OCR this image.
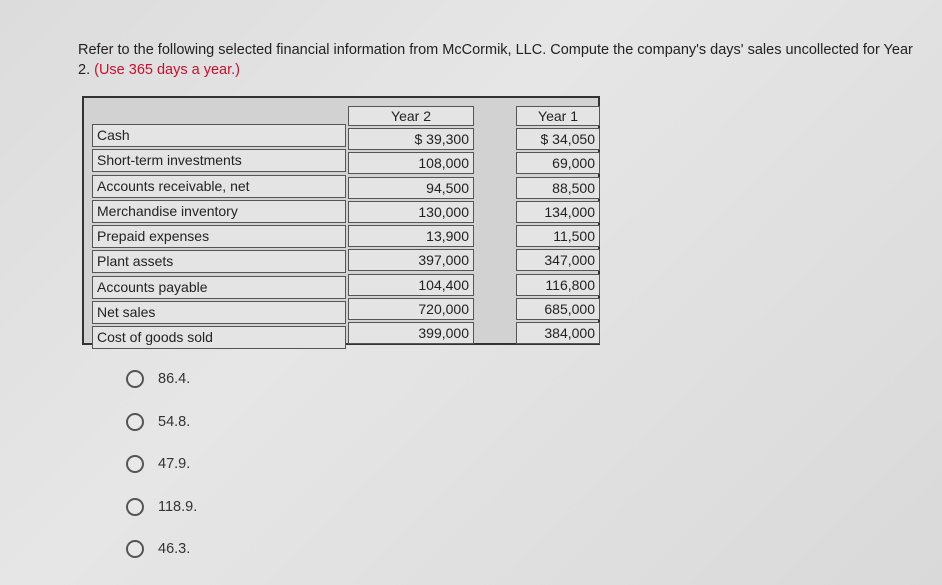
Refer to the following selected financial information from McCormik, LLC. Compute the company's days' sales uncollected for Year 2. (Use 365 days a year.)
Cash
Short-term investments
Accounts receivable, net
Merchandise inventory
Prepaid expenses
Plant assets
Accounts payable
Net sales
Cost of goods sold
Year 2
$ 39,300
108,000
94,500
130,000
13,900
397,000
104,400
720,000
399,000
Year 1
$ 34,050
69,000
88,500
134,000
11,500
347,000
116,800
685,000
384,000
86.4.
54.8.
47.9.
118.9.
46.3.
